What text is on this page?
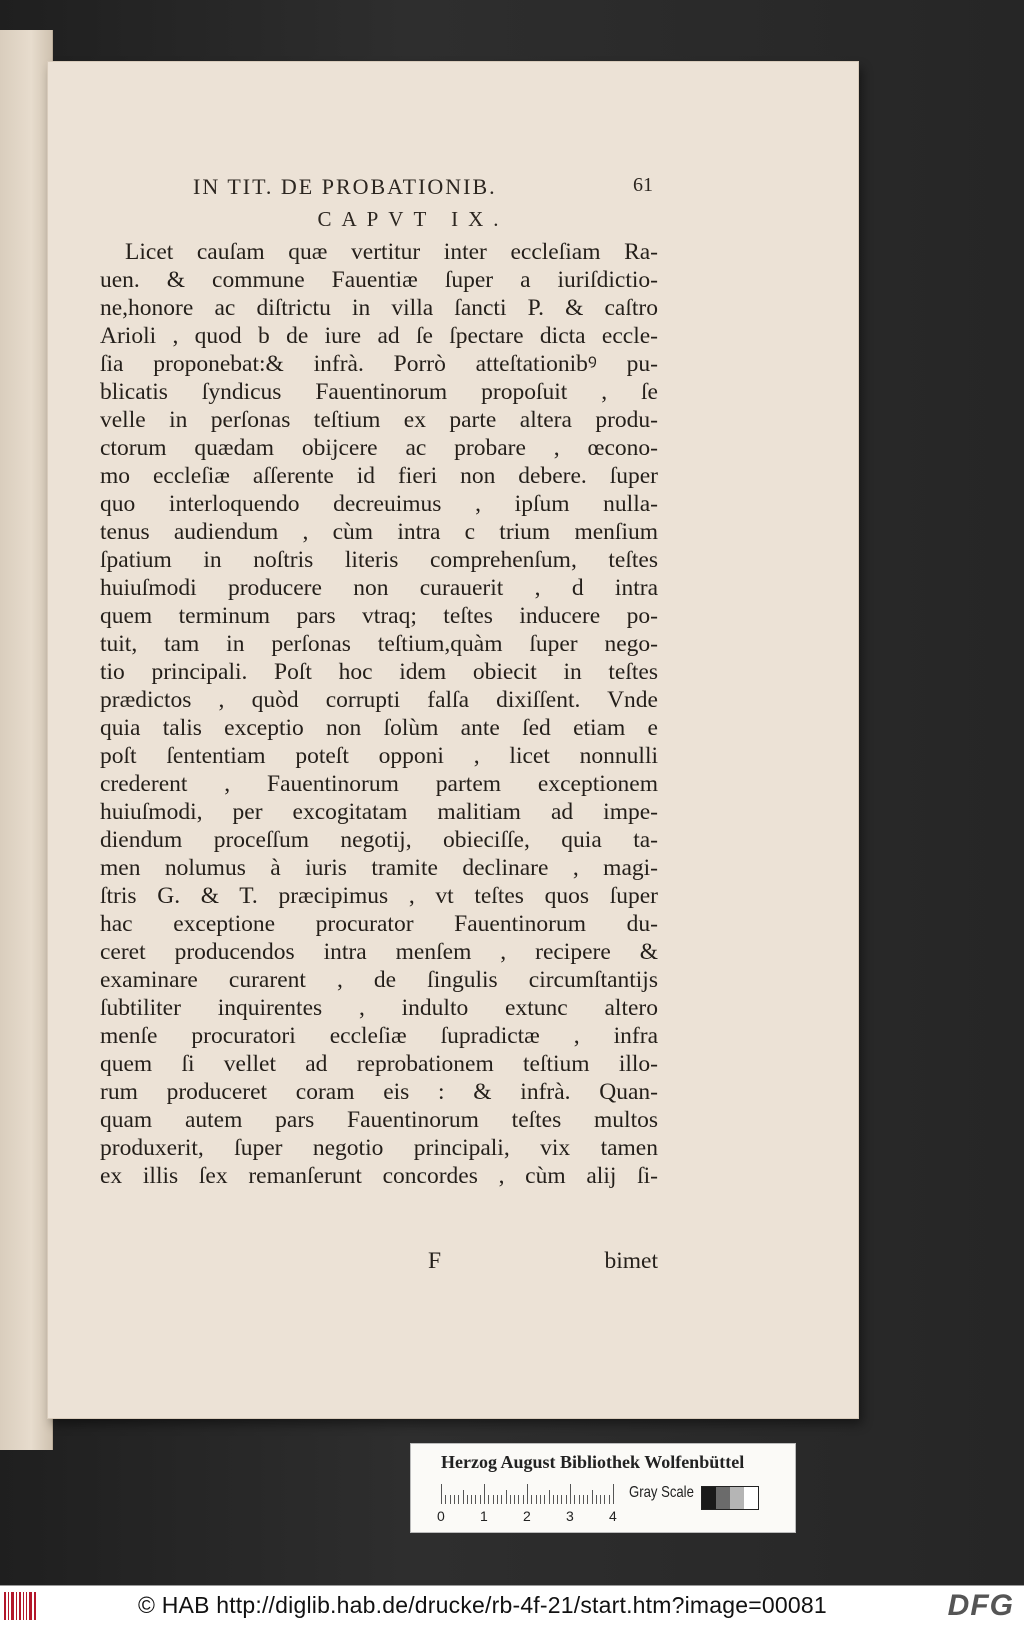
IN TIT. DE PROBATIONIB.	61
CAPVT IX.
Licet cauſam quæ vertitur inter eccleſiam Ra-
uen. & commune Fauentiæ ſuper a iuriſdictio-
ne,honore ac diſtrictu in villa ſancti P. & caſtro
Arioli , quod b de iure ad ſe ſpectare dicta eccle-
ſia proponebat:& infrà. Porrò atteſtationibꝰ pu-
blicatis ſyndicus Fauentinorum propoſuit , ſe
velle in perſonas teſtium ex parte altera produ-
ctorum quædam obijcere ac probare , œcono-
mo eccleſiæ aſſerente id fieri non debere. ſuper
quo interloquendo decreuimus , ipſum nulla-
tenus audiendum , cùm intra c trium menſium
ſpatium in noſtris literis comprehenſum, teſtes
huiuſmodi producere non curauerit , d intra
quem terminum pars vtraq; teſtes inducere po-
tuit, tam in perſonas teſtium,quàm ſuper nego-
tio principali. Poſt hoc idem obiecit in teſtes
prædictos , quòd corrupti falſa dixiſſent. Vnde
quia talis exceptio non ſolùm ante ſed etiam e
poſt ſententiam poteſt opponi , licet nonnulli
crederent , Fauentinorum partem exceptionem
huiuſmodi, per excogitatam malitiam ad impe-
diendum proceſſum negotij, obieciſſe, quia ta-
men nolumus à iuris tramite declinare , magi-
ſtris G. & T. præcipimus , vt teſtes quos ſuper
hac exceptione procurator Fauentinorum du-
ceret producendos intra menſem , recipere &
examinare curarent , de ſingulis circumſtantijs
ſubtiliter inquirentes , indulto extunc altero
menſe procuratori eccleſiæ ſupradictæ , infra
quem ſi vellet ad reprobationem teſtium illo-
rum produceret coram eis : & infrà. Quan-
quam autem pars Fauentinorum teſtes multos
produxerit, ſuper negotio principali, vix tamen
ex illis ſex remanſerunt concordes , cùm alij ſi-
F	bimet
Herzog August Bibliothek Wolfenbüttel
0	1	2	3	4
Gray Scale
© HAB http://diglib.hab.de/drucke/rb-4f-21/start.htm?image=00081	DFG
